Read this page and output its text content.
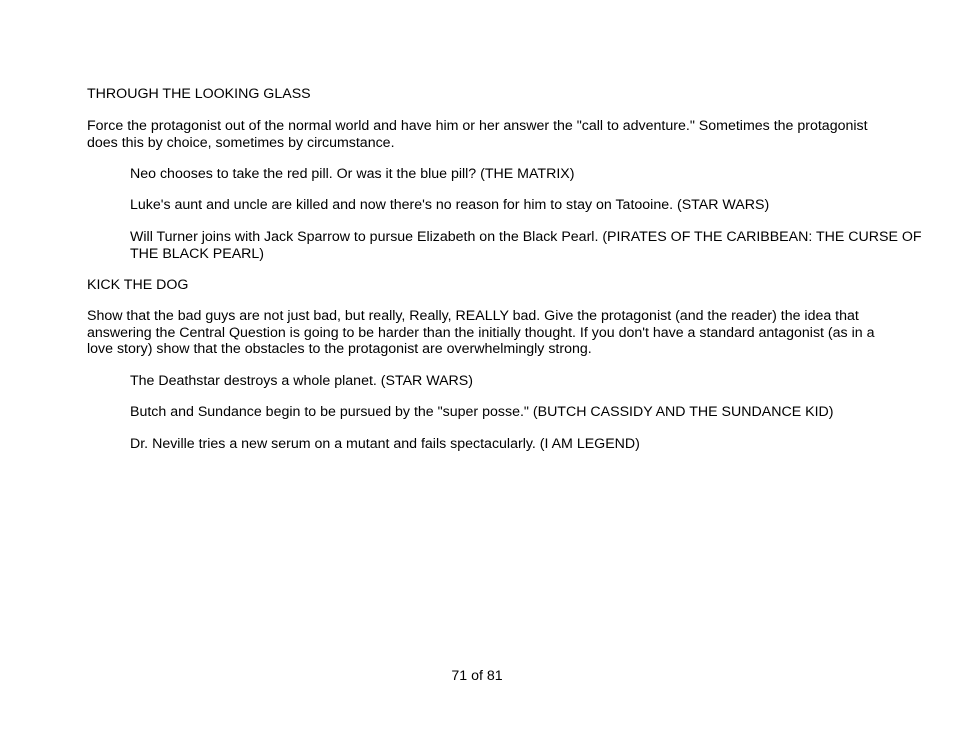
THROUGH THE LOOKING GLASS
Force the protagonist out of the normal world and have him or her answer the "call to adventure." Sometimes the protagonist does this by choice, sometimes by circumstance.
Neo chooses to take the red pill. Or was it the blue pill? (THE MATRIX)
Luke's aunt and uncle are killed and now there's no reason for him to stay on Tatooine. (STAR WARS)
Will Turner joins with Jack Sparrow to pursue Elizabeth on the Black Pearl. (PIRATES OF THE CARIBBEAN: THE CURSE OF THE BLACK PEARL)
KICK THE DOG
Show that the bad guys are not just bad, but really, Really, REALLY bad. Give the protagonist (and the reader) the idea that answering the Central Question is going to be harder than the initially thought. If you don't have a standard antagonist (as in a love story) show that the obstacles to the protagonist are overwhelmingly strong.
The Deathstar destroys a whole planet. (STAR WARS)
Butch and Sundance begin to be pursued by the "super posse." (BUTCH CASSIDY AND THE SUNDANCE KID)
Dr. Neville tries a new serum on a mutant and fails spectacularly. (I AM LEGEND)
71 of 81
